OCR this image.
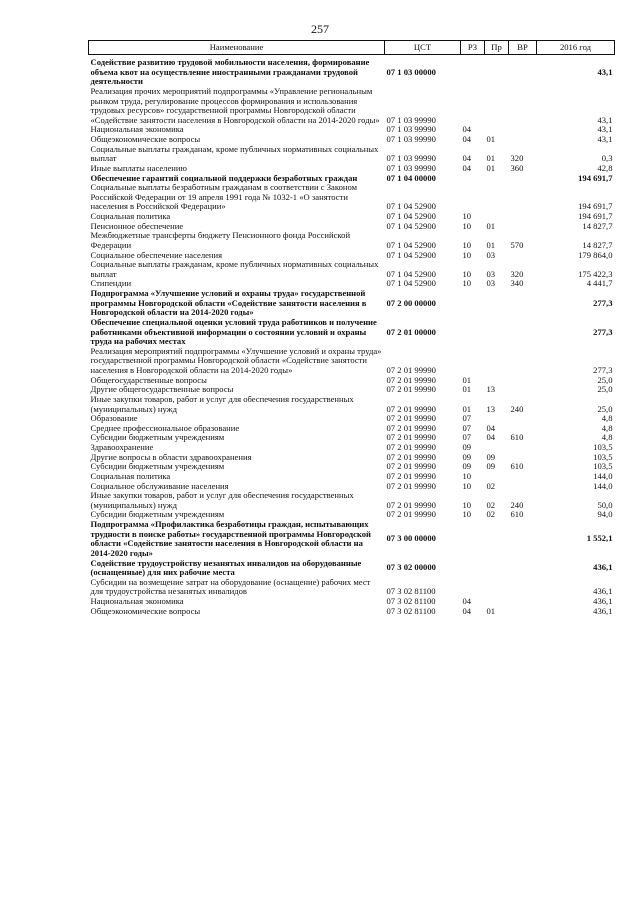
257
Наименование	ЦСТ	РЗ	Пр	ВР	2016 год
Содействие развитию трудовой мобильности населения, формирование объема квот на осуществление иностранными гражданами трудовой деятельности	07 1 03 00000				43,1
Реализация прочих мероприятий подпрограммы «Управление региональным рынком труда, регулирование процессов формирования и использования трудовых ресурсов» государственной программы Новгородской области «Содействие занятости населения в Новгородской области на 2014-2020 годы»	07 1 03 99990				43,1
Национальная экономика	07 1 03 99990	04			43,1
Общеэкономические вопросы	07 1 03 99990	04	01		43,1
Социальные выплаты гражданам, кроме публичных нормативных социальных выплат	07 1 03 99990	04	01	320	0,3
Иные выплаты населению	07 1 03 99990	04	01	360	42,8
Обеспечение гарантий социальной поддержки безработных граждан	07 1 04 00000				194 691,7
Социальные выплаты безработным гражданам в соответствии с Законом Российской Федерации от 19 апреля 1991 года № 1032-1 «О занятости населения в Российской Федерации»	07 1 04 52900				194 691,7
Социальная политика	07 1 04 52900	10			194 691,7
Пенсионное обеспечение	07 1 04 52900	10	01		14 827,7
Межбюджетные трансферты бюджету Пенсионного фонда Российской Федерации	07 1 04 52900	10	01	570	14 827,7
Социальное обеспечение населения	07 1 04 52900	10	03		179 864,0
Социальные выплаты гражданам, кроме публичных нормативных социальных выплат	07 1 04 52900	10	03	320	175 422,3
Стипендии	07 1 04 52900	10	03	340	4 441,7
Подпрограмма «Улучшение условий и охраны труда» государственной программы Новгородской области «Содействие занятости населения в Новгородской области на 2014-2020 годы»	07 2 00 00000				277,3
Обеспечение специальной оценки условий труда работников и получение работниками объективной информации о состоянии условий и охраны труда на рабочих местах	07 2 01 00000				277,3
Реализация мероприятий подпрограммы «Улучшение условий и охраны труда» государственной программы Новгородской области «Содействие занятости населения в Новгородской области на 2014-2020 годы»	07 2 01 99990				277,3
Общегосударственные вопросы	07 2 01 99990	01			25,0
Другие общегосударственные вопросы	07 2 01 99990	01	13		25,0
Иные закупки товаров, работ и услуг для обеспечения государственных (муниципальных) нужд	07 2 01 99990	01	13	240	25,0
Образование	07 2 01 99990	07			4,8
Среднее профессиональное образование	07 2 01 99990	07	04		4,8
Субсидии бюджетным учреждениям	07 2 01 99990	07	04	610	4,8
Здравоохранение	07 2 01 99990	09			103,5
Другие вопросы в области здравоохранения	07 2 01 99990	09	09		103,5
Субсидии бюджетным учреждениям	07 2 01 99990	09	09	610	103,5
Социальная политика	07 2 01 99990	10			144,0
Социальное обслуживание населения	07 2 01 99990	10	02		144,0
Иные закупки товаров, работ и услуг для обеспечения государственных (муниципальных) нужд	07 2 01 99990	10	02	240	50,0
Субсидии бюджетным учреждениям	07 2 01 99990	10	02	610	94,0
Подпрограмма «Профилактика безработицы граждан, испытывающих трудности в поиске работы» государственной программы Новгородской области «Содействие занятости населения в Новгородской области на 2014-2020 годы»	07 3 00 00000				1 552,1
Содействие трудоустройству незанятых инвалидов на оборудованные (оснащенные) для них рабочие места	07 3 02 00000				436,1
Субсидии на возмещение затрат на оборудование (оснащение) рабочих мест для трудоустройства незанятых инвалидов	07 3 02 81100				436,1
Национальная экономика	07 3 02 81100	04			436,1
Общеэкономические вопросы	07 3 02 81100	04	01		436,1
